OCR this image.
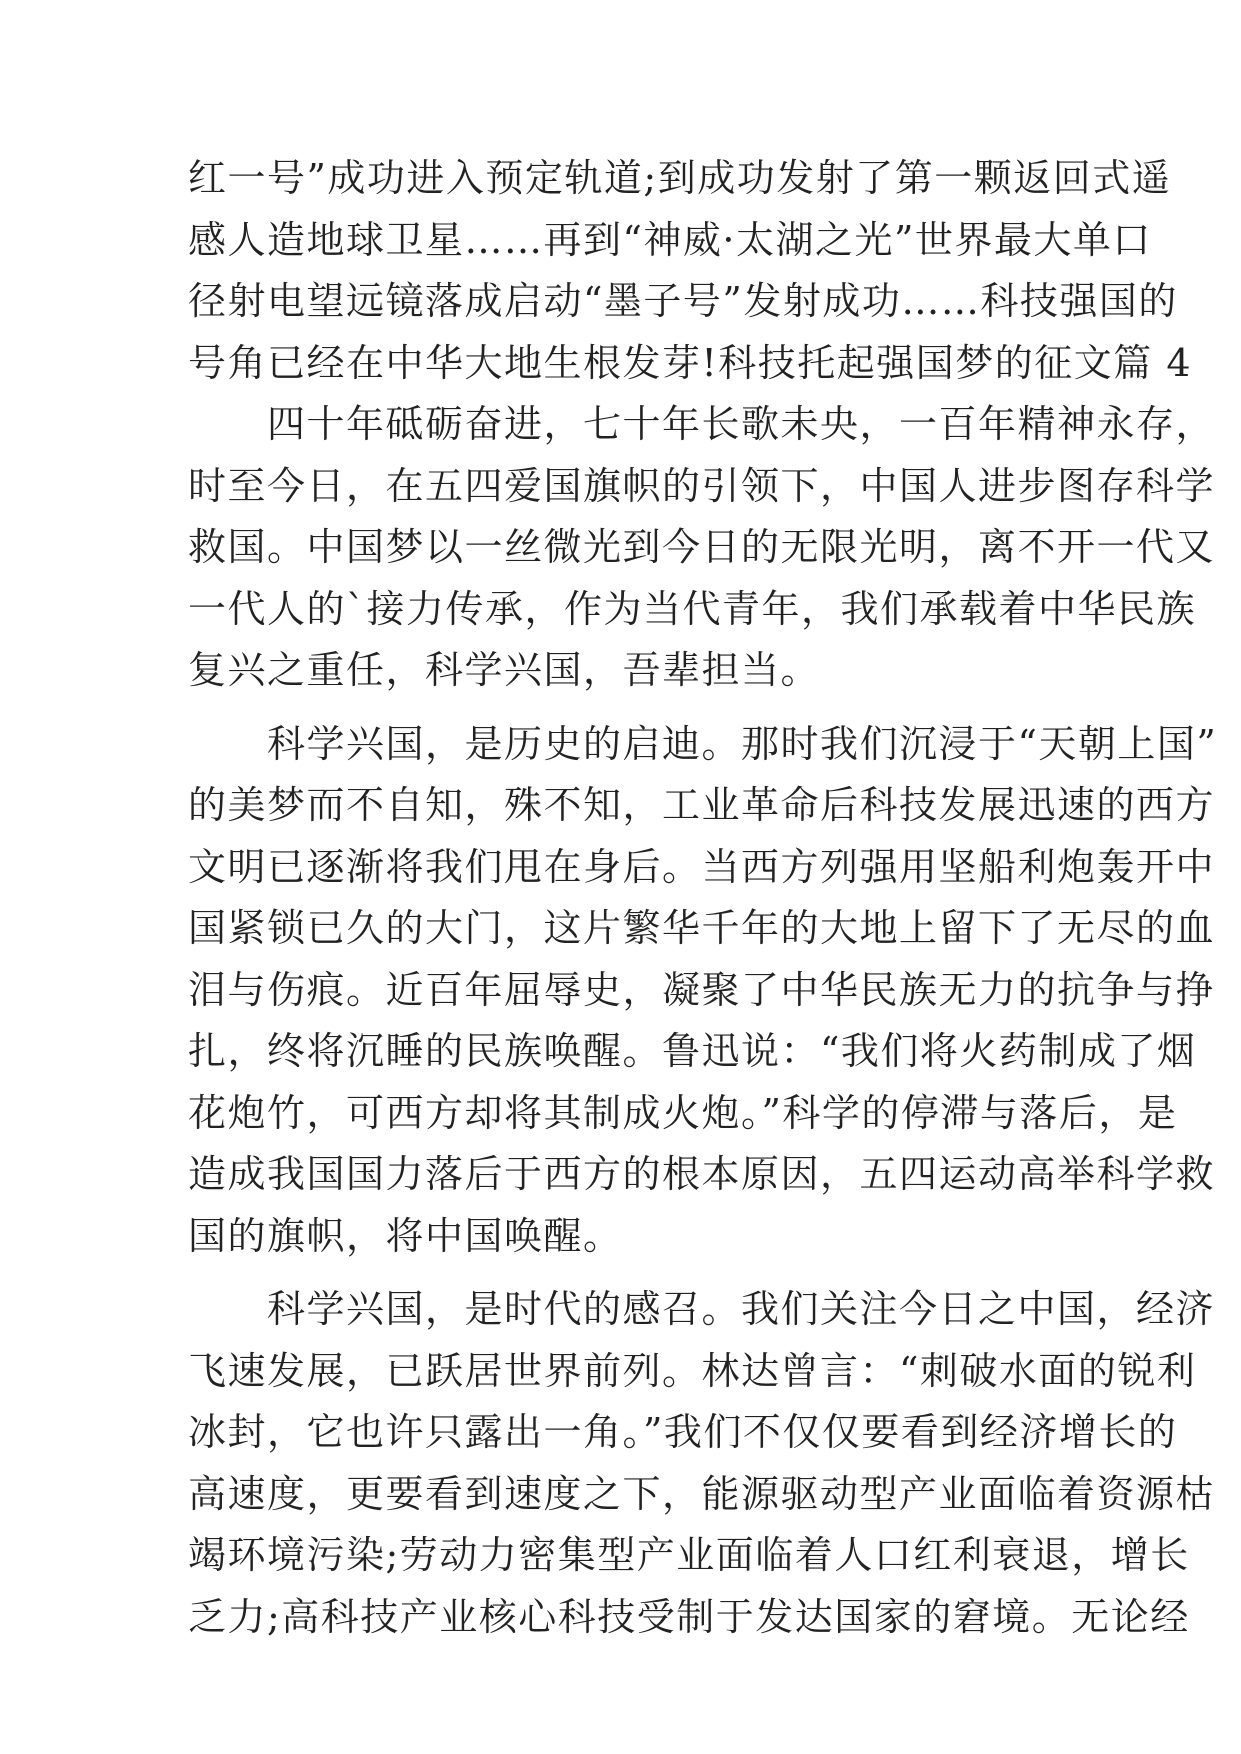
红一号”成功进入预定轨道;到成功发射了第一颗返回式遥
感人造地球卫星……再到“神威·太湖之光”世界最大单口
径射电望远镜落成启动“墨子号”发射成功……科技强国的
号角已经在中华大地生根发芽!科技托起强国梦的征文篇 4
　　四十年砥砺奋进，七十年长歌未央，一百年精神永存，
时至今日，在五四爱国旗帜的引领下，中国人进步图存科学
救国。中国梦以一丝微光到今日的无限光明，离不开一代又
一代人的`接力传承，作为当代青年，我们承载着中华民族
复兴之重任，科学兴国，吾辈担当。
　　科学兴国，是历史的启迪。那时我们沉浸于“天朝上国”
的美梦而不自知，殊不知，工业革命后科技发展迅速的西方
文明已逐渐将我们甩在身后。当西方列强用坚船利炮轰开中
国紧锁已久的大门，这片繁华千年的大地上留下了无尽的血
泪与伤痕。近百年屈辱史，凝聚了中华民族无力的抗争与挣
扎，终将沉睡的民族唤醒。鲁迅说：“我们将火药制成了烟
花炮竹，可西方却将其制成火炮。”科学的停滞与落后，是
造成我国国力落后于西方的根本原因，五四运动高举科学救
国的旗帜，将中国唤醒。
　　科学兴国，是时代的感召。我们关注今日之中国，经济
飞速发展，已跃居世界前列。林达曾言：“刺破水面的锐利
冰封，它也许只露出一角。”我们不仅仅要看到经济增长的
高速度，更要看到速度之下，能源驱动型产业面临着资源枯
竭环境污染;劳动力密集型产业面临着人口红利衰退，增长
乏力;高科技产业核心科技受制于发达国家的窘境。无论经
